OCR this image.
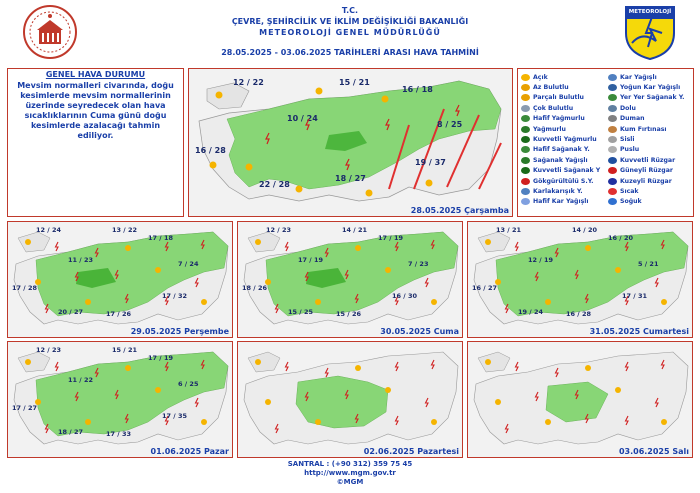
T.C.
ÇEVRE, ŞEHİRCİLİK VE İKLİM DEĞİŞİKLİĞİ BAKANLIĞI
METEOROLOJİ GENEL MÜDÜRLÜĞÜ
28.05.2025 - 03.06.2025 TARİHLERİ ARASI HAVA TAHMİNİ
METEOROLOJİ
GENEL HAVA DURUMU
Mevsim normalleri civarında, doğu kesimlerde mevsim normallerinin üzerinde seyredecek olan hava sıcaklıklarının Cuma günü doğu kesimlerde azalacağı tahmin ediliyor.
12 / 22	15 / 21
16 / 18
10 / 24
8 / 25
16 / 28
19 / 37
22 / 28
18 / 27
28.05.2025 Çarşamba
Açık
Az Bulutlu
Parçalı Bulutlu
Çok Bulutlu
Hafif Yağmurlu
Yağmurlu
Kuvvetli Yağmurlu
Hafif Sağanak Y.
Sağanak Yağışlı
Kuvvetli Sağanak Y
Gökgürültülü S.Y.
Karlakarışık Y.
Hafif Kar Yağışlı
Kar Yağışlı
Yoğun Kar Yağışlı
Yer Yer Sağanak Y.
Dolu
Duman
Kum Fırtınası
Sisli
Puslu
Kuvvetli Rüzgar
Güneyli Rüzgar
Kuzeyli Rüzgar
Sıcak
Soğuk
12 / 24	13 / 22
17 / 18
11 / 23	7 / 24
17 / 28
17 / 32
20 / 27	17 / 26
29.05.2025 Perşembe
12 / 23	14 / 21
17 / 19
17 / 19	7 / 23
18 / 26
16 / 30
15 / 25	15 / 26
30.05.2025 Cuma
13 / 21	14 / 20
16 / 20
12 / 19	5 / 21
16 / 27
17 / 31
19 / 24	16 / 28
31.05.2025 Cumartesi
12 / 23	15 / 21
17 / 19
11 / 22	6 / 25
17 / 27
17 / 35
18 / 27	17 / 33
01.06.2025 Pazar	02.06.2025 Pazartesi	03.06.2025 Salı
SANTRAL : (+90 312) 359 75 45
http://www.mgm.gov.tr
©MGM
